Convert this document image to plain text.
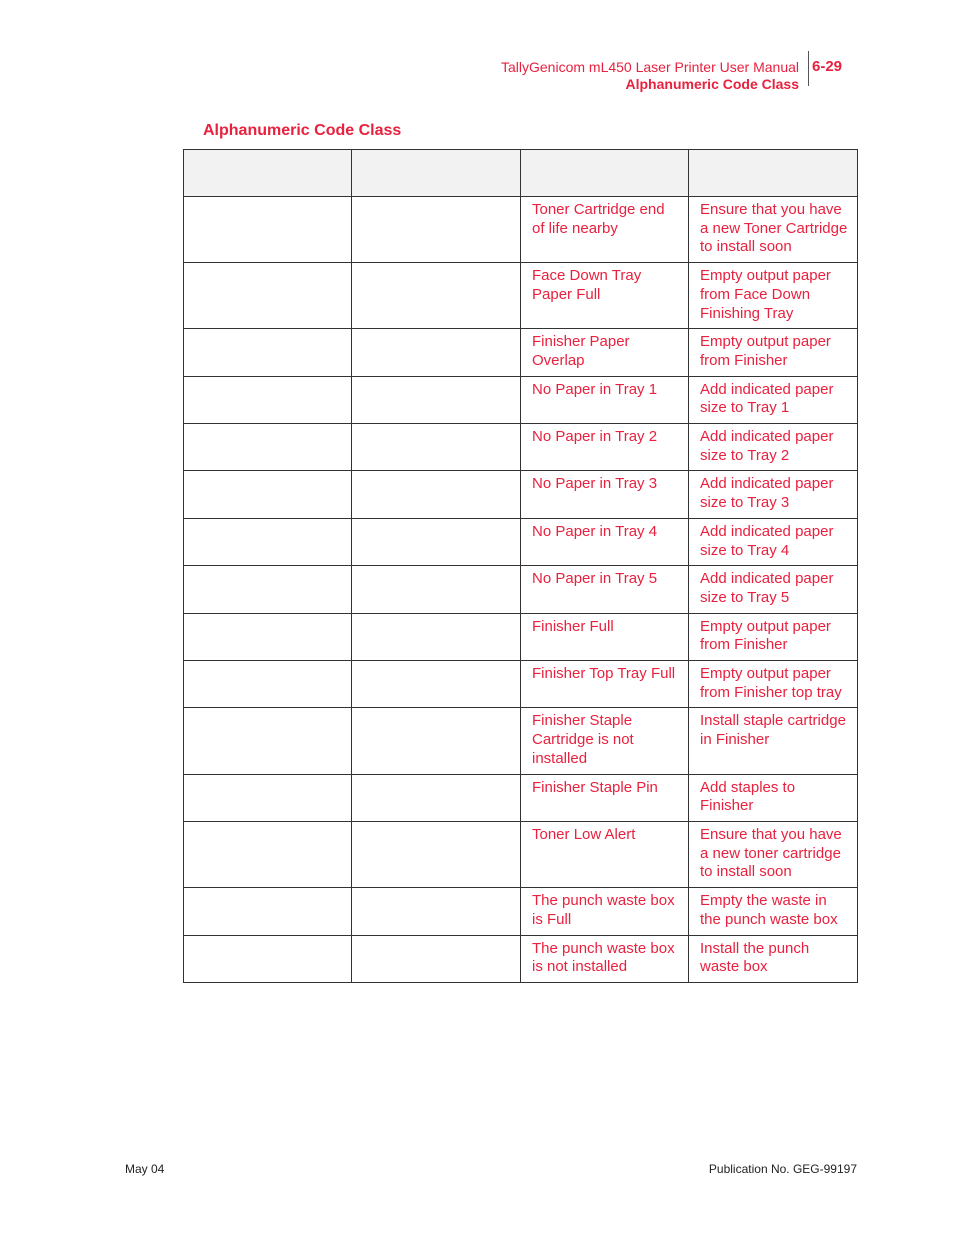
TallyGenicom mL450 Laser Printer User Manual
Alphanumeric Code Class
6-29
Alphanumeric Code Class

		Toner Cartridge end of life nearby	Ensure that you have a new Toner Cartridge to install soon
		Face Down Tray Paper Full	Empty output paper from Face Down Finishing Tray
		Finisher Paper Overlap	Empty output paper from Finisher
		No Paper in Tray 1	Add indicated paper size to Tray 1
		No Paper in Tray 2	Add indicated paper size to Tray 2
		No Paper in Tray 3	Add indicated paper size to Tray 3
		No Paper in Tray 4	Add indicated paper size to Tray 4
		No Paper in Tray 5	Add indicated paper size to Tray 5
		Finisher Full	Empty output paper from Finisher
		Finisher Top Tray Full	Empty output paper from Finisher top tray
		Finisher Staple Cartridge is not installed	Install staple cartridge in Finisher
		Finisher Staple Pin	Add staples to Finisher
		Toner Low Alert	Ensure that you have a new toner cartridge to install soon
		The punch waste box is Full	Empty the waste in the punch waste box
		The punch waste box is not installed	Install the punch waste box
May 04	Publication No. GEG-99197
